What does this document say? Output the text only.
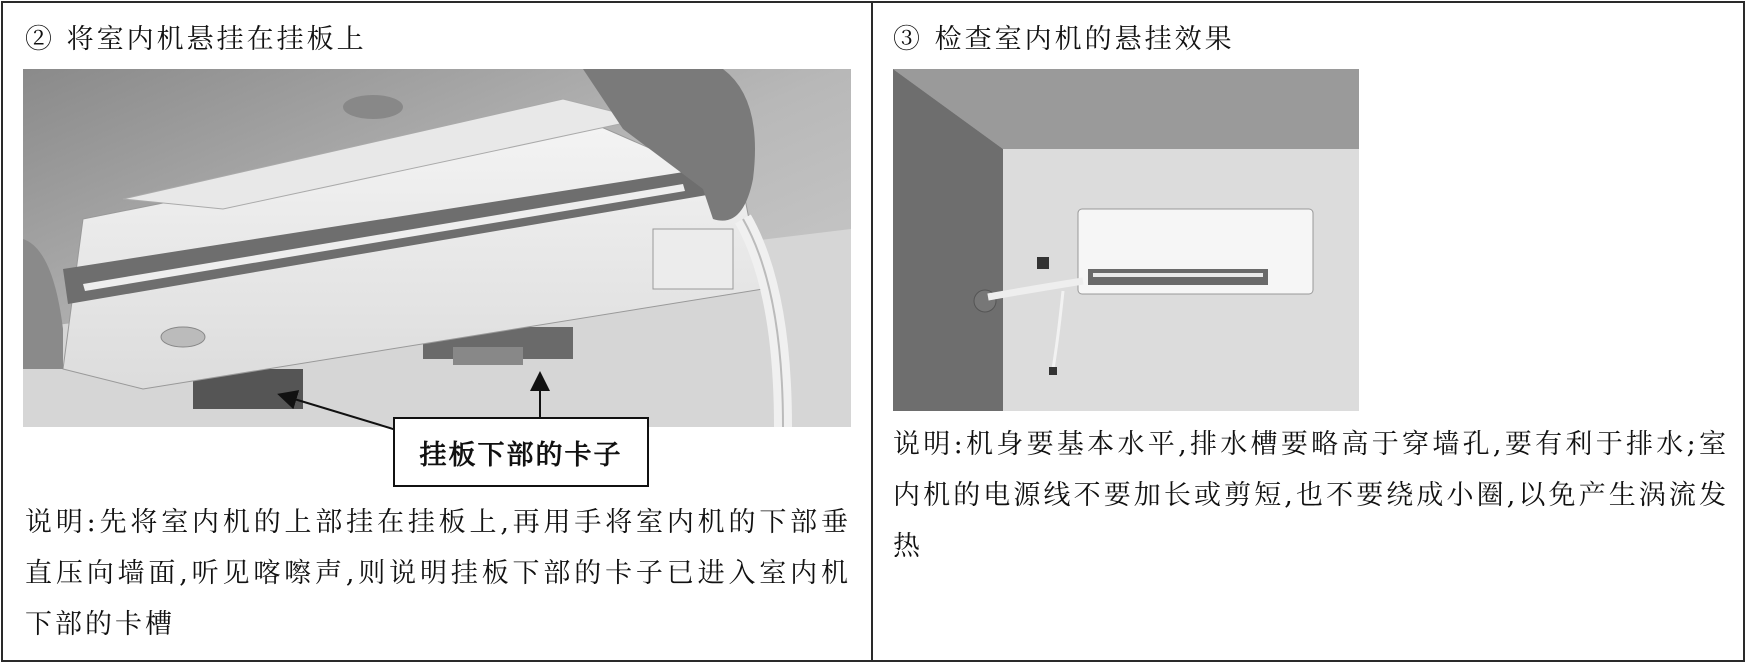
② 将室内机悬挂在挂板上
挂板下部的卡子
说明:先将室内机的上部挂在挂板上,再用手将室内机的下部垂直压向墙面,听见喀嚓声,则说明挂板下部的卡子已进入室内机下部的卡槽
③ 检查室内机的悬挂效果
说明:机身要基本水平,排水槽要略高于穿墙孔,要有利于排水;室内机的电源线不要加长或剪短,也不要绕成小圈,以免产生涡流发热
